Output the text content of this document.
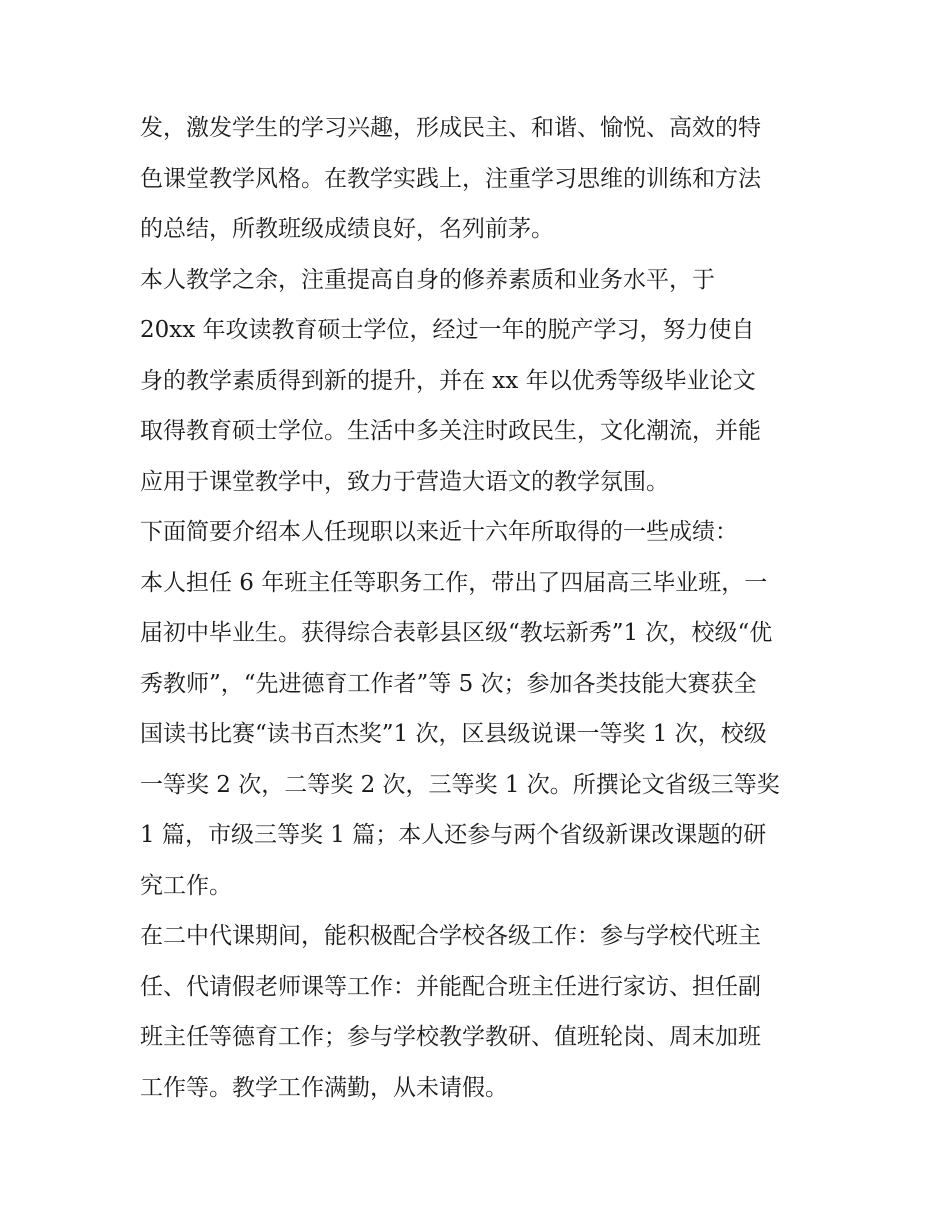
发，激发学生的学习兴趣，形成民主、和谐、愉悦、高效的特
色课堂教学风格。在教学实践上，注重学习思维的训练和方法
的总结，所教班级成绩良好，名列前茅。
本人教学之余，注重提高自身的修养素质和业务水平，于
20xx 年攻读教育硕士学位，经过一年的脱产学习，努力使自
身的教学素质得到新的提升，并在 xx 年以优秀等级毕业论文
取得教育硕士学位。生活中多关注时政民生，文化潮流，并能
应用于课堂教学中，致力于营造大语文的教学氛围。
下面简要介绍本人任现职以来近十六年所取得的一些成绩：
本人担任 6 年班主任等职务工作，带出了四届高三毕业班，一
届初中毕业生。获得综合表彰县区级“教坛新秀”1 次，校级“优
秀教师”，“先进德育工作者”等 5 次；参加各类技能大赛获全
国读书比赛“读书百杰奖”1 次，区县级说课一等奖 1 次，校级
一等奖 2 次，二等奖 2 次，三等奖 1 次。所撰论文省级三等奖
1 篇，市级三等奖 1 篇；本人还参与两个省级新课改课题的研
究工作。
在二中代课期间，能积极配合学校各级工作：参与学校代班主
任、代请假老师课等工作：并能配合班主任进行家访、担任副
班主任等德育工作；参与学校教学教研、值班轮岗、周末加班
工作等。教学工作满勤，从未请假。
